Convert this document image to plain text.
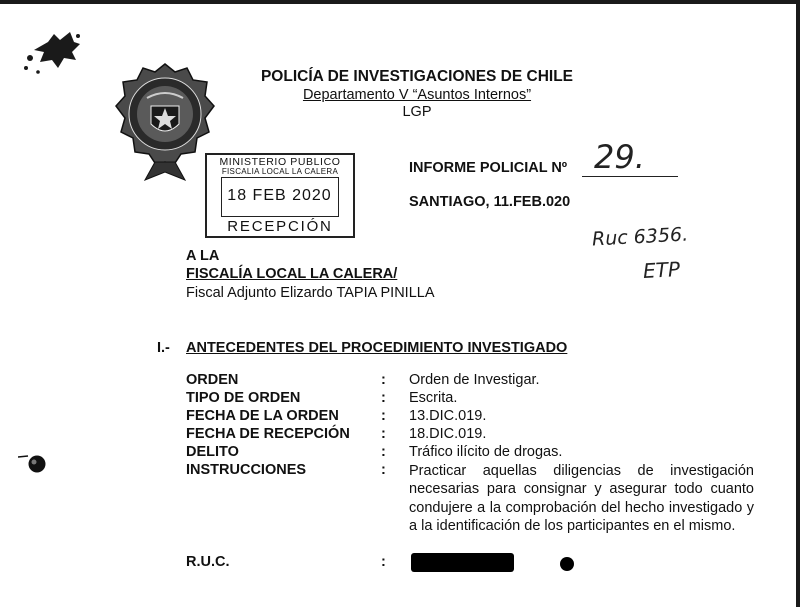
POLICÍA DE INVESTIGACIONES DE CHILE
Departamento V “Asuntos Internos”
LGP
MINISTERIO PUBLICO
FISCALIA LOCAL LA CALERA
18 FEB 2020
RECEPCIÓN
INFORME POLICIAL Nº 29.
SANTIAGO, 11.FEB.020
Ruc 6356.
ETP
A LA
FISCALÍA LOCAL LA CALERA/
Fiscal Adjunto Elizardo TAPIA PINILLA
I.- ANTECEDENTES DEL PROCEDIMIENTO INVESTIGADO
ORDEN	: Orden de Investigar.
TIPO DE ORDEN	: Escrita.
FECHA DE LA ORDEN	: 13.DIC.019.
FECHA DE RECEPCIÓN : 18.DIC.019.
DELITO	: Tráfico ilícito de drogas.
INSTRUCCIONES	: Practicar aquellas diligencias de investigación necesarias para consignar y asegurar todo cuanto condujere a la comprobación del hecho investigado y a la identificación de los participantes en el mismo.
R.U.C.	:
